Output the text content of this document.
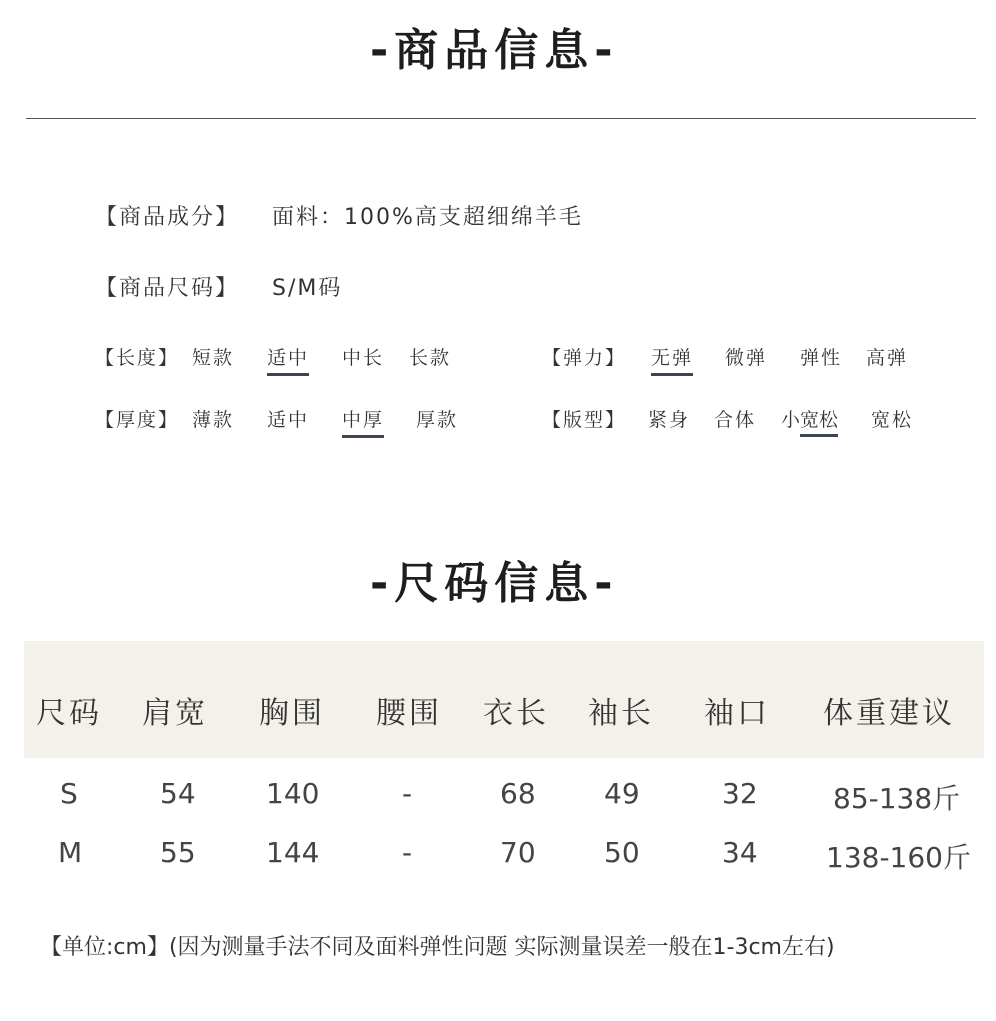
-商品信息-
【商品成分】 面料：100%高支超细绵羊毛
【商品尺码】 S/M码
【长度】 短款 适中 中长 长款	【弹力】 无弹 微弹 弹性 高弹
【厚度】 薄款 适中 中厚 厚款	【版型】 紧身 合体 小宽松 宽松
-尺码信息-
尺码 肩宽 胸围 腰围 衣长 袖长 袖口 体重建议
S	54	140	-	68 49	32	85-138斤
M	55	144	-	70 50	34 138-160斤
【单位:cm】(因为测量手法不同及面料弹性问题 实际测量误差一般在1-3cm左右)
